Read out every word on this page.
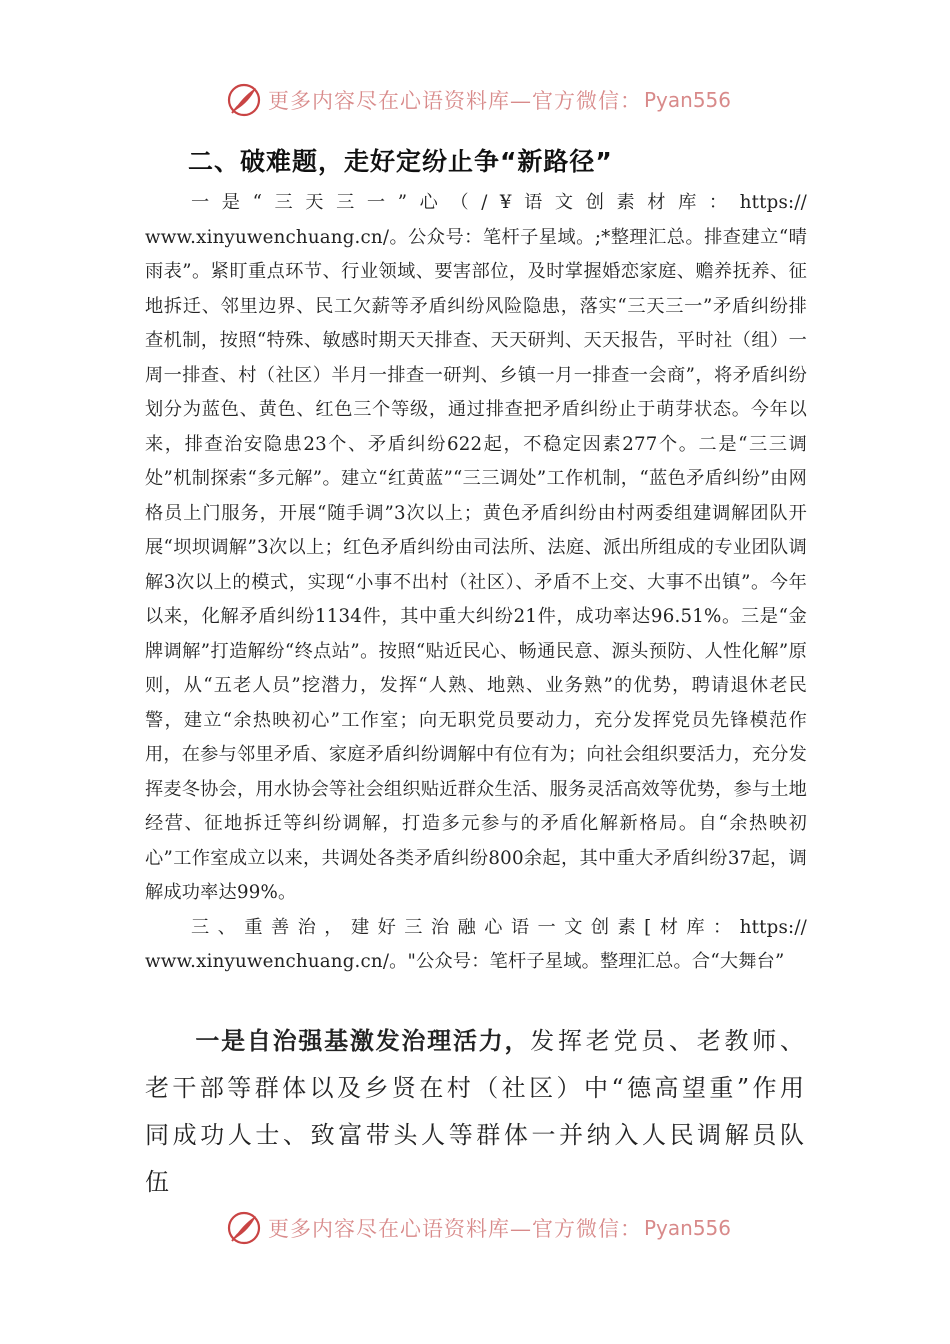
更多内容尽在心语资料库—官方微信： Pyan556
二、破难题，走好定纷止争“新路径”
一 是 “ 三 天 三 一 ” 心 （ / ¥ 语 文 创 素 材 库 ： https://

www.xinyuwenchuang.cn/。公众号：笔杆子星域。;*整理汇总。排查建立“晴雨表”。紧盯重点环节、行业领域、要害部位，及时掌握婚恋家庭、赡养抚养、征地拆迁、邻里边界、民工欠薪等矛盾纠纷风险隐患，落实“三天三一”矛盾纠纷排查机制，按照“特殊、敏感时期天天排查、天天研判、天天报告，平时社（组）一周一排查、村（社区）半月一排查一研判、乡镇一月一排查一会商”，将矛盾纠纷划分为蓝色、黄色、红色三个等级，通过排查把矛盾纠纷止于萌芽状态。今年以来，排查治安隐患23个、矛盾纠纷622起，不稳定因素277个。二是“三三调处”机制探索“多元解”。建立“红黄蓝”“三三调处”工作机制，“蓝色矛盾纠纷”由网格员上门服务，开展“随手调”3次以上；黄色矛盾纠纷由村两委组建调解团队开展“坝坝调解”3次以上；红色矛盾纠纷由司法所、法庭、派出所组成的专业团队调解3次以上的模式，实现“小事不出村（社区）、矛盾不上交、大事不出镇”。今年以来，化解矛盾纠纷1134件，其中重大纠纷21件，成功率达96.51%。三是“金牌调解”打造解纷“终点站”。按照“贴近民心、畅通民意、源头预防、人性化解”原则，从“五老人员”挖潜力，发挥“人熟、地熟、业务熟”的优势，聘请退休老民警，建立“余热映初心”工作室；向无职党员要动力，充分发挥党员先锋模范作用，在参与邻里矛盾、家庭矛盾纠纷调解中有位有为；向社会组织要活力，充分发挥麦冬协会，用水协会等社会组织贴近群众生活、服务灵活高效等优势，参与土地经营、征地拆迁等纠纷调解，打造多元参与的矛盾化解新格局。自“余热映初心”工作室成立以来，共调处各类矛盾纠纷800余起，其中重大矛盾纠纷37起，调解成功率达99%。

三 、 重 善 治 ， 建 好 三 治 融 心 语 一 文 创 素 [ 材 库 ： https://

www.xinyuwenchuang.cn/。"公众号：笔杆子星域。整理汇总。合“大舞台”

一是自治强基激发治理活力，发挥老党员、老教师、老干部等群体以及乡贤在村（社区）中“德高望重”作用同成功人士、致富带头人等群体一并纳入人民调解员队伍

更多内容尽在心语资料库—官方微信： Pyan556
